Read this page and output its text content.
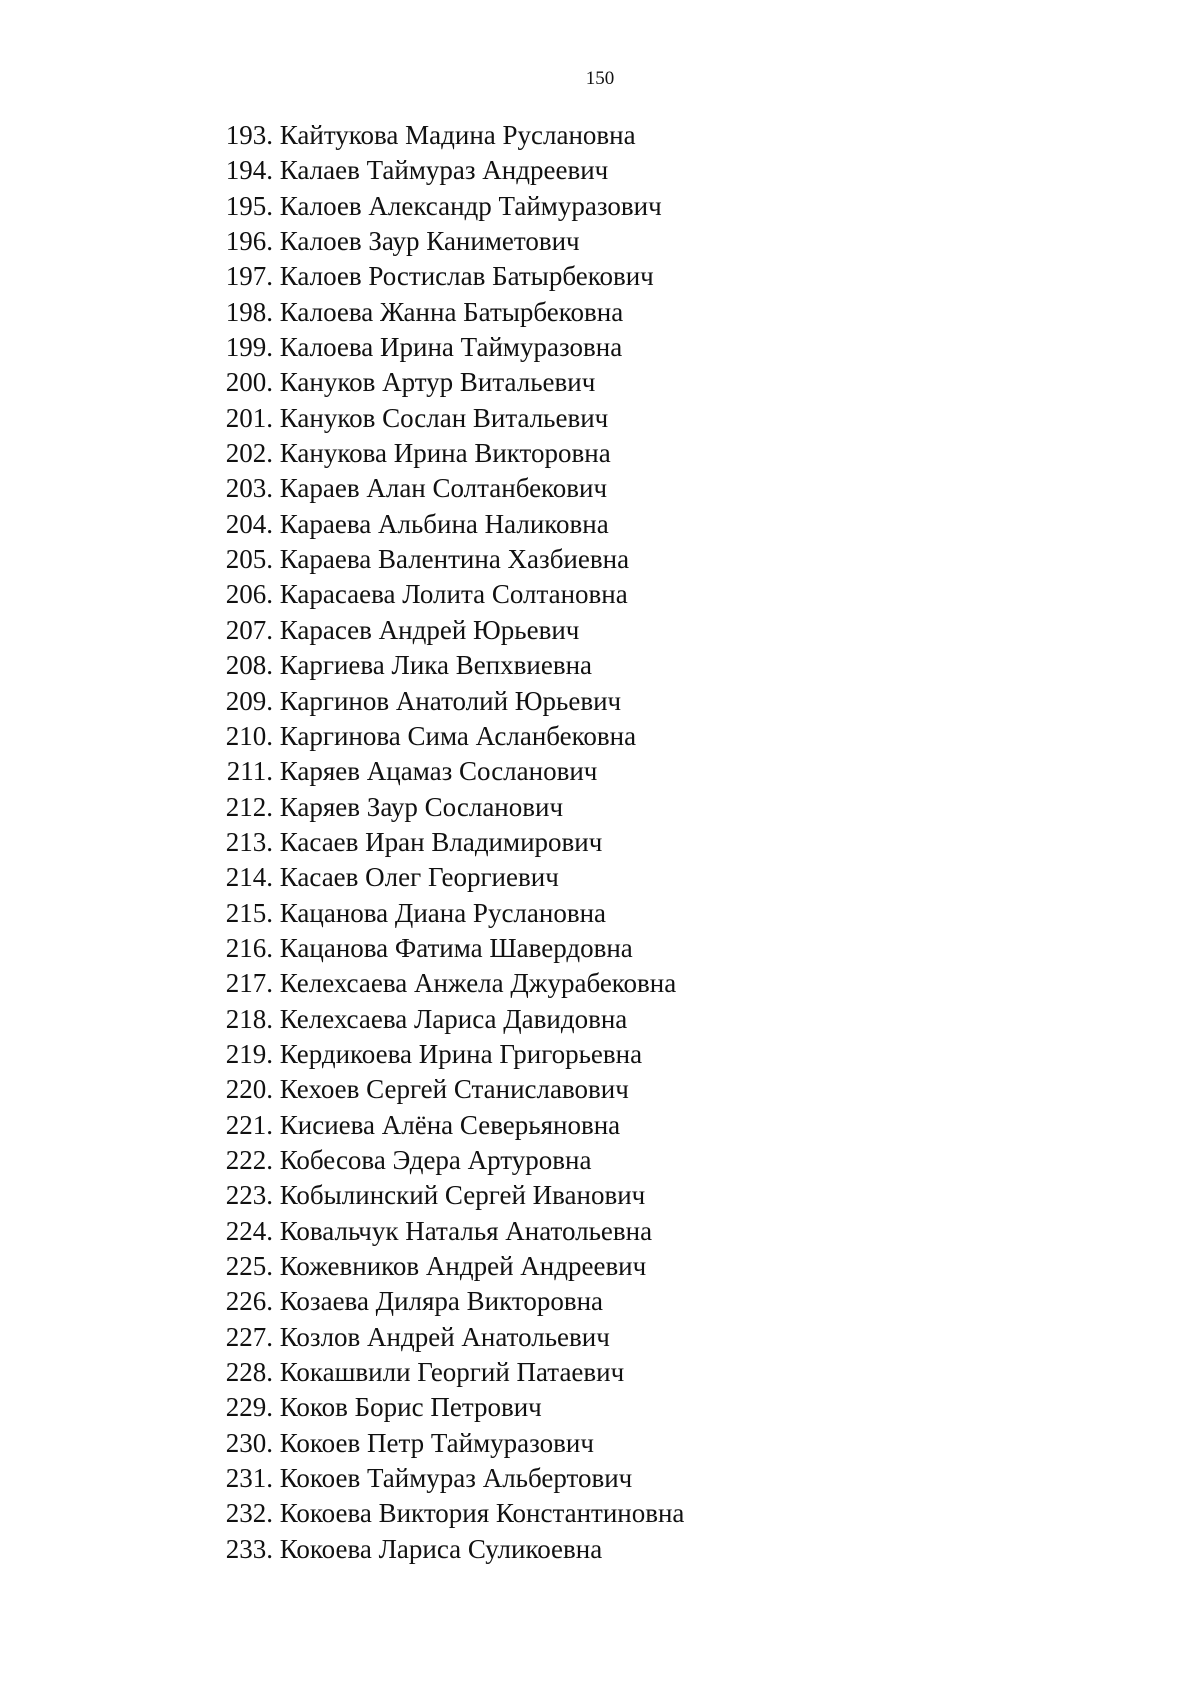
150
193. Кайтукова Мадина Руслановна
194. Калаев Таймураз Андреевич
195. Калоев Александр Таймуразович
196. Калоев Заур Каниметович
197. Калоев Ростислав Батырбекович
198. Калоева Жанна Батырбековна
199. Калоева Ирина Таймуразовна
200. Кануков Артур Витальевич
201. Кануков Сослан Витальевич
202. Канукова Ирина Викторовна
203. Караев Алан Солтанбекович
204. Караева Альбина Наликовна
205. Караева Валентина Хазбиевна
206. Карасаева Лолита Солтановна
207. Карасев Андрей Юрьевич
208. Каргиева Лика Вепхвиевна
209. Каргинов Анатолий Юрьевич
210. Каргинова Сима Асланбековна
211. Каряев Ацамаз Сосланович
212. Каряев Заур Сосланович
213. Касаев Иран Владимирович
214. Касаев Олег Георгиевич
215. Кацанова Диана Руслановна
216. Кацанова Фатима Шавердовна
217. Келехсаева Анжела Джурабековна
218. Келехсаева Лариса Давидовна
219. Кердикоева Ирина Григорьевна
220. Кехоев Сергей Станиславович
221. Кисиева Алёна Северьяновна
222. Кобесова Эдера Артуровна
223. Кобылинский Сергей Иванович
224. Ковальчук Наталья Анатольевна
225. Кожевников Андрей Андреевич
226. Козаева Диляра Викторовна
227. Козлов Андрей Анатольевич
228. Кокашвили Георгий Патаевич
229. Коков Борис Петрович
230. Кокоев Петр Таймуразович
231. Кокоев Таймураз Альбертович
232. Кокоева Виктория Константиновна
233. Кокоева Лариса Суликоевна
